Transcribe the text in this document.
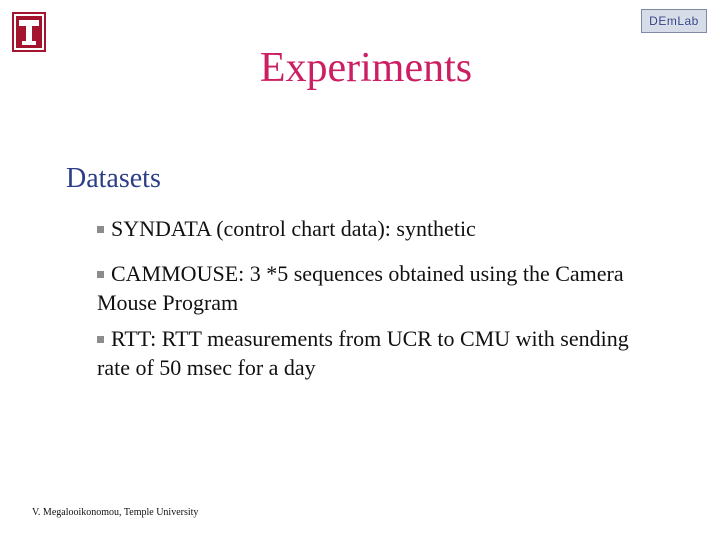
DEmLab
Experiments
Datasets
SYNDATA (control chart data): synthetic
CAMMOUSE: 3 *5 sequences obtained using the Camera Mouse Program
RTT: RTT measurements from UCR to CMU with sending rate of 50 msec for a day
V. Megalooikonomou, Temple University
